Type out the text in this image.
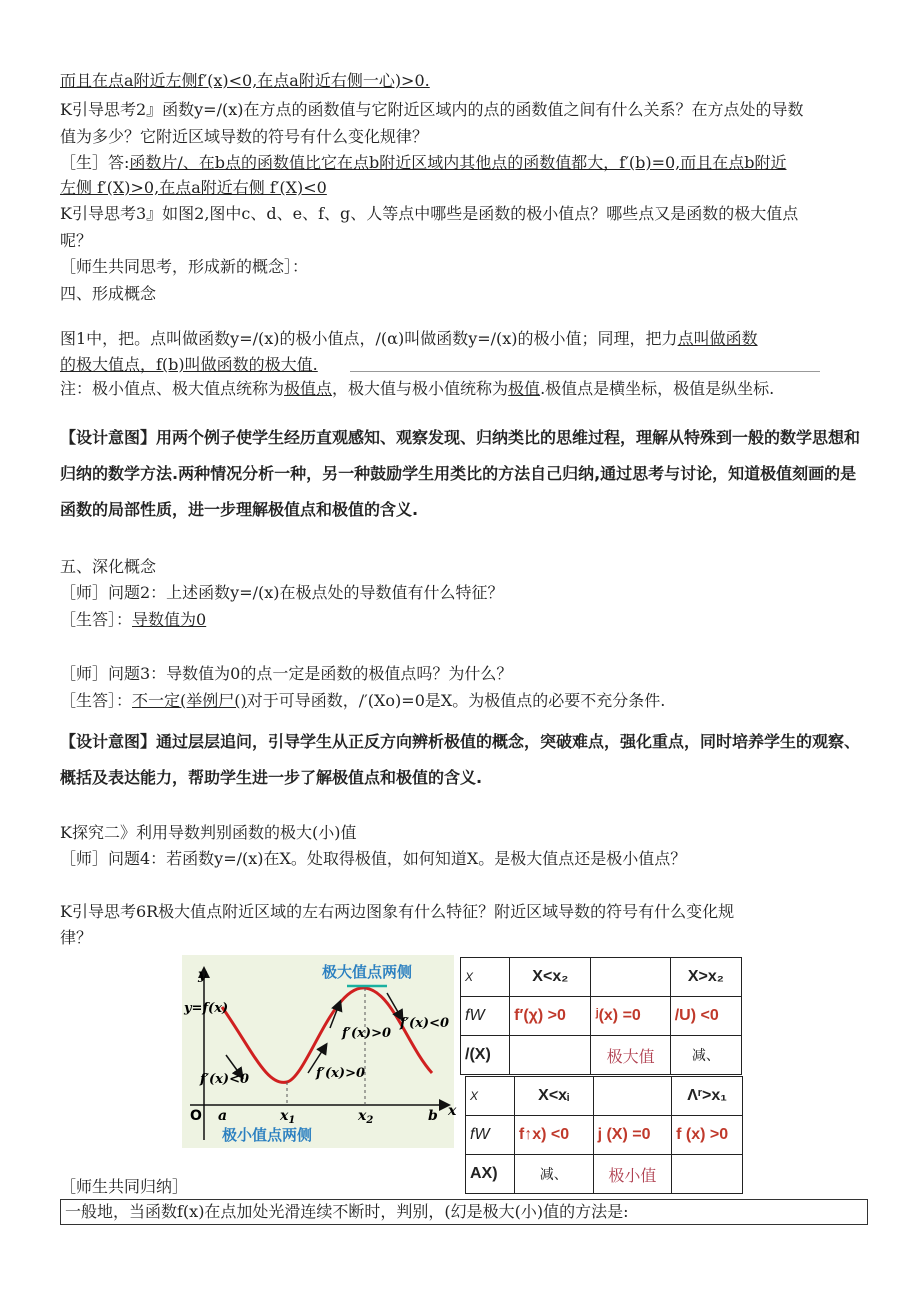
而且在点a附近左侧f′(x)<0,在点a附近右侧一心)>0.
K引导思考2』函数y=/(x)在方点的函数值与它附近区域内的点的函数值之间有什么关系？在方点处的导数
值为多少？它附近区域导数的符号有什么变化规律？
［生］答:函数片/、在b点的函数值比它在点b附近区域内其他点的函数值都大，f′(b)=0,而且在点b附近
左侧 f′(X)>0,在点a附近右侧 f′(X)<0
K引导思考3』如图2,图中c、d、e、f、g、人等点中哪些是函数的极小值点？哪些点又是函数的极大值点
呢？
［师生共同思考，形成新的概念］：
四、形成概念
图1中，把。点叫做函数y=/(x)的极小值点，/(α)叫做函数y=/(x)的极小值；同理，把力点叫做函数
的极大值点，f(b)叫做函数的极大值.
注：极小值点、极大值点统称为极值点，极大值与极小值统称为极值.极值点是横坐标，极值是纵坐标.
【设计意图】用两个例子使学生经历直观感知、观察发现、归纳类比的思维过程，理解从特殊到一般的数学思想和归纳的数学方法.两种情况分析一种，另一种鼓励学生用类比的方法自己归纳,通过思考与讨论，知道极值刻画的是函数的局部性质，进一步理解极值点和极值的含义.
五、深化概念
［师］问题2：上述函数y=/(x)在极点处的导数值有什么特征？
［生答］：导数值为0
［师］问题3：导数值为0的点一定是函数的极值点吗？为什么？
［生答］：不一定(举例尸()对于可导函数，/′(Xo)=0是X。为极值点的必要不充分条件.
【设计意图】通过层层追问，引导学生从正反方向辨析极值的概念，突破难点，强化重点，同时培养学生的观察、概括及表达能力，帮助学生进一步了解极值点和极值的含义.
K探究二》利用导数判别函数的极大(小)值
［师］问题4：若函数y=/(x)在X。处取得极值，如何知道X。是极大值点还是极小值点？
K引导思考6R极大值点附近区域的左右两边图象有什么特征？附近区域导数的符号有什么变化规
律？
极大值点两侧
极小值点两侧
y
x
y=f(x)
O a	$x_1$	$x_2$	b
f′(x)>0
f′(x)<0
f′(x)<0	f′(x)>0
X	X<x₂		X>x₂
fW	f′(χ) >0	ʲ(x) =0	/U) <0
/(X)		极大值	减、
X	X<xᵢ		Λʳ>x₁
fW	f↑x) <0	j (X) =0	f (x) >0
AX)	减、	极小值	
［师生共同归纳］
一般地，当函数f(x)在点加处光滑连续不断时，判别，(幻是极大(小)值的方法是:
